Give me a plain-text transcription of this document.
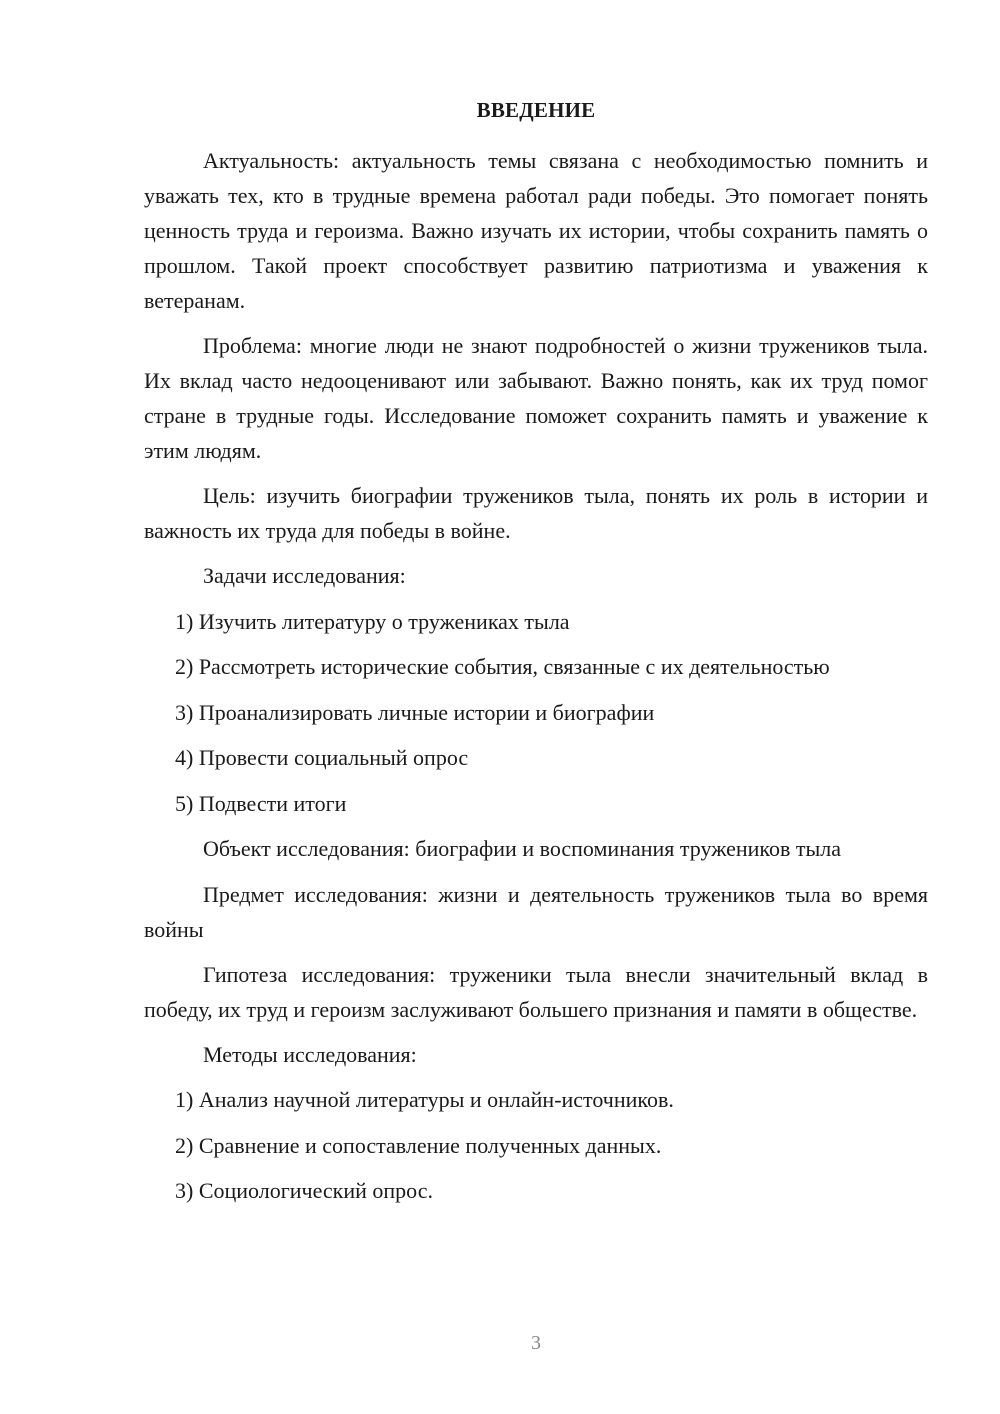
ВВЕДЕНИЕ

Актуальность: актуальность темы связана с необходимостью помнить и уважать тех, кто в трудные времена работал ради победы. Это помогает понять ценность труда и героизма. Важно изучать их истории, чтобы сохранить память о прошлом. Такой проект способствует развитию патриотизма и уважения к ветеранам.

Проблема: многие люди не знают подробностей о жизни тружеников тыла. Их вклад часто недооценивают или забывают. Важно понять, как их труд помог стране в трудные годы. Исследование поможет сохранить память и уважение к этим людям.

Цель: изучить биографии тружеников тыла, понять их роль в истории и важность их труда для победы в войне.

Задачи исследования:
1) Изучить литературу о тружениках тыла
2) Рассмотреть исторические события, связанные с их деятельностью
3) Проанализировать личные истории и биографии
4) Провести социальный опрос
5) Подвести итоги
Объект исследования: биографии и воспоминания тружеников тыла

Предмет исследования: жизни и деятельность тружеников тыла во время войны

Гипотеза исследования: труженики тыла внесли значительный вклад в победу, их труд и героизм заслуживают большего признания и памяти в обществе.

Методы исследования:
1) Анализ научной литературы и онлайн-источников.
2) Сравнение и сопоставление полученных данных.
3) Социологический опрос.
3
